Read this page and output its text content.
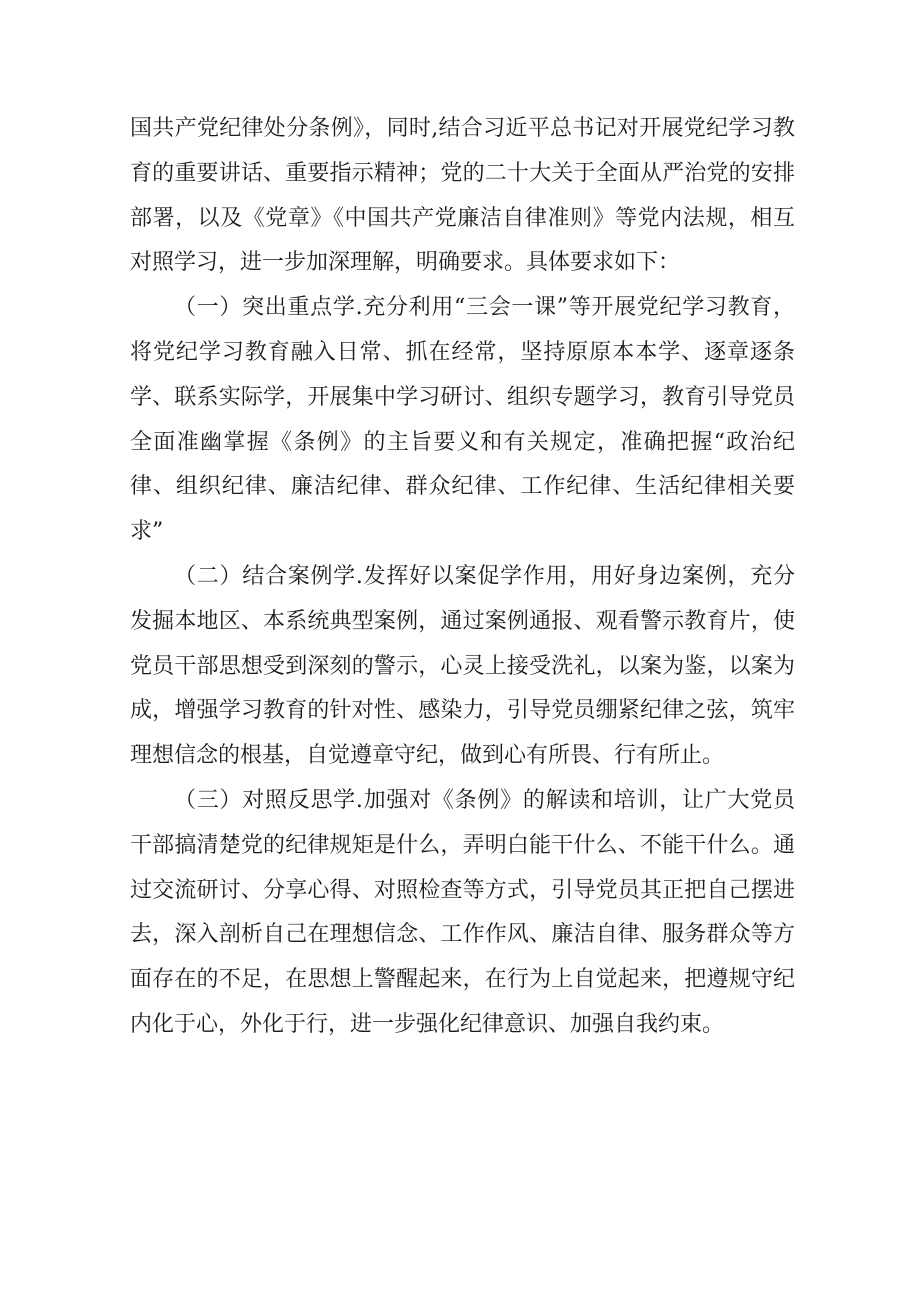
国共产党纪律处分条例》，同时,结合习近平总书记对开展党纪学习教育的重要讲话、重要指示精神；党的二十大关于全面从严治党的安排部署，以及《党章》《中国共产党廉洁自律准则》等党内法规，相互对照学习，进一步加深理解，明确要求。具体要求如下：

（一）突出重点学.充分利用“三会一课”等开展党纪学习教育，将党纪学习教育融入日常、抓在经常，坚持原原本本学、逐章逐条学、联系实际学，开展集中学习研讨、组织专题学习，教育引导党员全面准幽掌握《条例》的主旨要义和有关规定，准确把握“政治纪律、组织纪律、廉洁纪律、群众纪律、工作纪律、生活纪律相关要求”

（二）结合案例学.发挥好以案促学作用，用好身边案例，充分发掘本地区、本系统典型案例，通过案例通报、观看警示教育片，使党员干部思想受到深刻的警示，心灵上接受洗礼，以案为鉴，以案为成，增强学习教育的针对性、感染力，引导党员绷紧纪律之弦，筑牢理想信念的根基，自觉遵章守纪，做到心有所畏、行有所止。

（三）对照反思学.加强对《条例》的解读和培训，让广大党员干部搞清楚党的纪律规矩是什么，弄明白能干什么、不能干什么。通过交流研讨、分享心得、对照检查等方式，引导党员其正把自己摆进去，深入剖析自己在理想信念、工作作风、廉洁自律、服务群众等方面存在的不足，在思想上警醒起来，在行为上自觉起来，把遵规守纪内化于心，外化于行，进一步强化纪律意识、加强自我约束。
